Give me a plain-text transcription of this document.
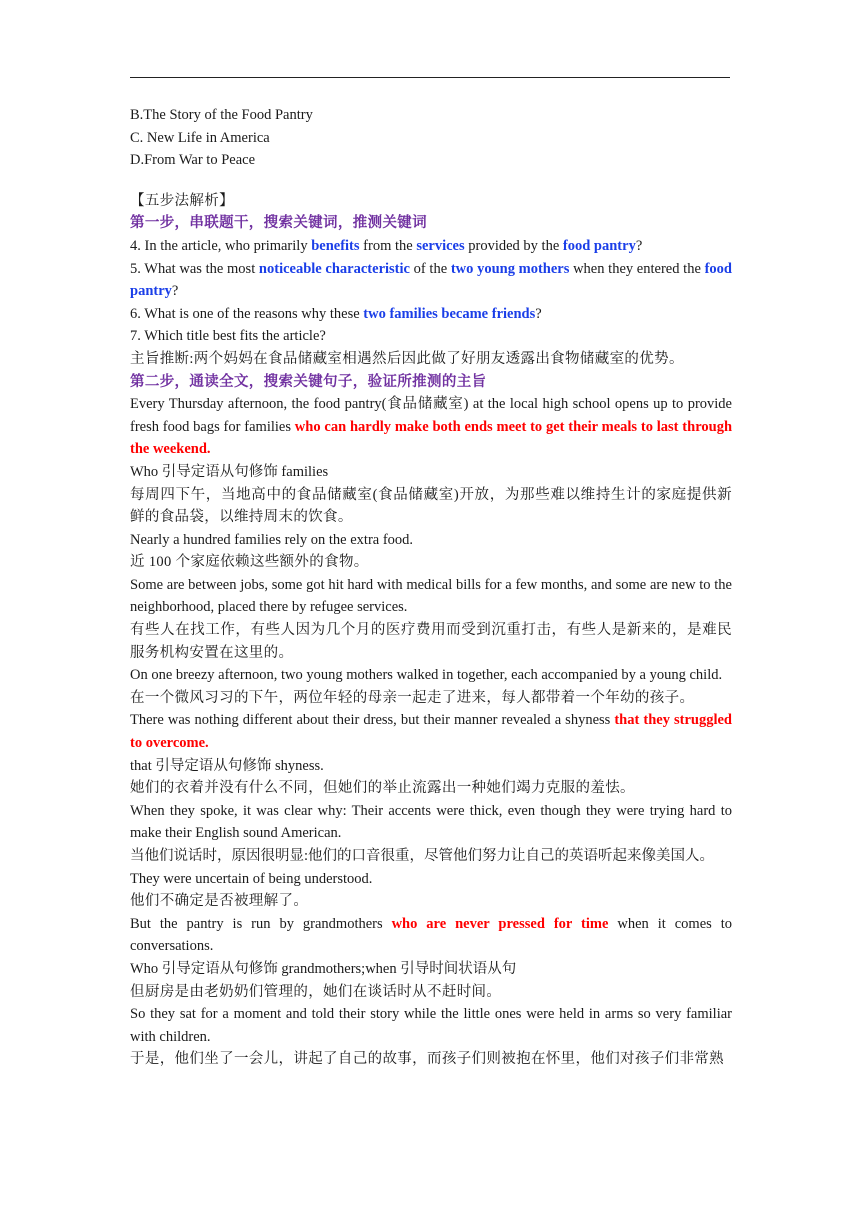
B.The Story of the Food Pantry
C. New Life in America
D.From War to Peace
【五步法解析】
第一步，串联题干，搜索关键词，推测关键词
4. In the article, who primarily benefits from the services provided by the food pantry?
5. What was the most noticeable characteristic of the two young mothers when they entered the food pantry?
6. What is one of the reasons why these two families became friends?
7. Which title best fits the article?
主旨推断:两个妈妈在食品储藏室相遇然后因此做了好朋友透露出食物储藏室的优势。
第二步，通读全文，搜索关键句子，验证所推测的主旨
Every Thursday afternoon, the food pantry(食品储藏室) at the local high school opens up to provide fresh food bags for families who can hardly make both ends meet to get their meals to last through the weekend.
Who 引导定语从句修饰 families
每周四下午，当地高中的食品储藏室(食品储藏室)开放，为那些难以维持生计的家庭提供新鲜的食品袋，以维持周末的饮食。
Nearly a hundred families rely on the extra food.
近 100 个家庭依赖这些额外的食物。
Some are between jobs, some got hit hard with medical bills for a few months, and some are new to the neighborhood, placed there by refugee services.
有些人在找工作，有些人因为几个月的医疗费用而受到沉重打击，有些人是新来的，是难民服务机构安置在这里的。
On one breezy afternoon, two young mothers walked in together, each accompanied by a young child.
在一个微风习习的下午，两位年轻的母亲一起走了进来，每人都带着一个年幼的孩子。
There was nothing different about their dress, but their manner revealed a shyness that they struggled to overcome.
that 引导定语从句修饰 shyness.
她们的衣着并没有什么不同，但她们的举止流露出一种她们竭力克服的羞怯。
When they spoke, it was clear why: Their accents were thick, even though they were trying hard to make their English sound American.
当他们说话时，原因很明显:他们的口音很重，尽管他们努力让自己的英语听起来像美国人。
They were uncertain of being understood.
他们不确定是否被理解了。
But the pantry is run by grandmothers who are never pressed for time when it comes to conversations.
Who 引导定语从句修饰 grandmothers;when 引导时间状语从句
但厨房是由老奶奶们管理的，她们在谈话时从不赶时间。
So they sat for a moment and told their story while the little ones were held in arms so very familiar with children.
于是，他们坐了一会儿，讲起了自己的故事，而孩子们则被抱在怀里，他们对孩子们非常熟
